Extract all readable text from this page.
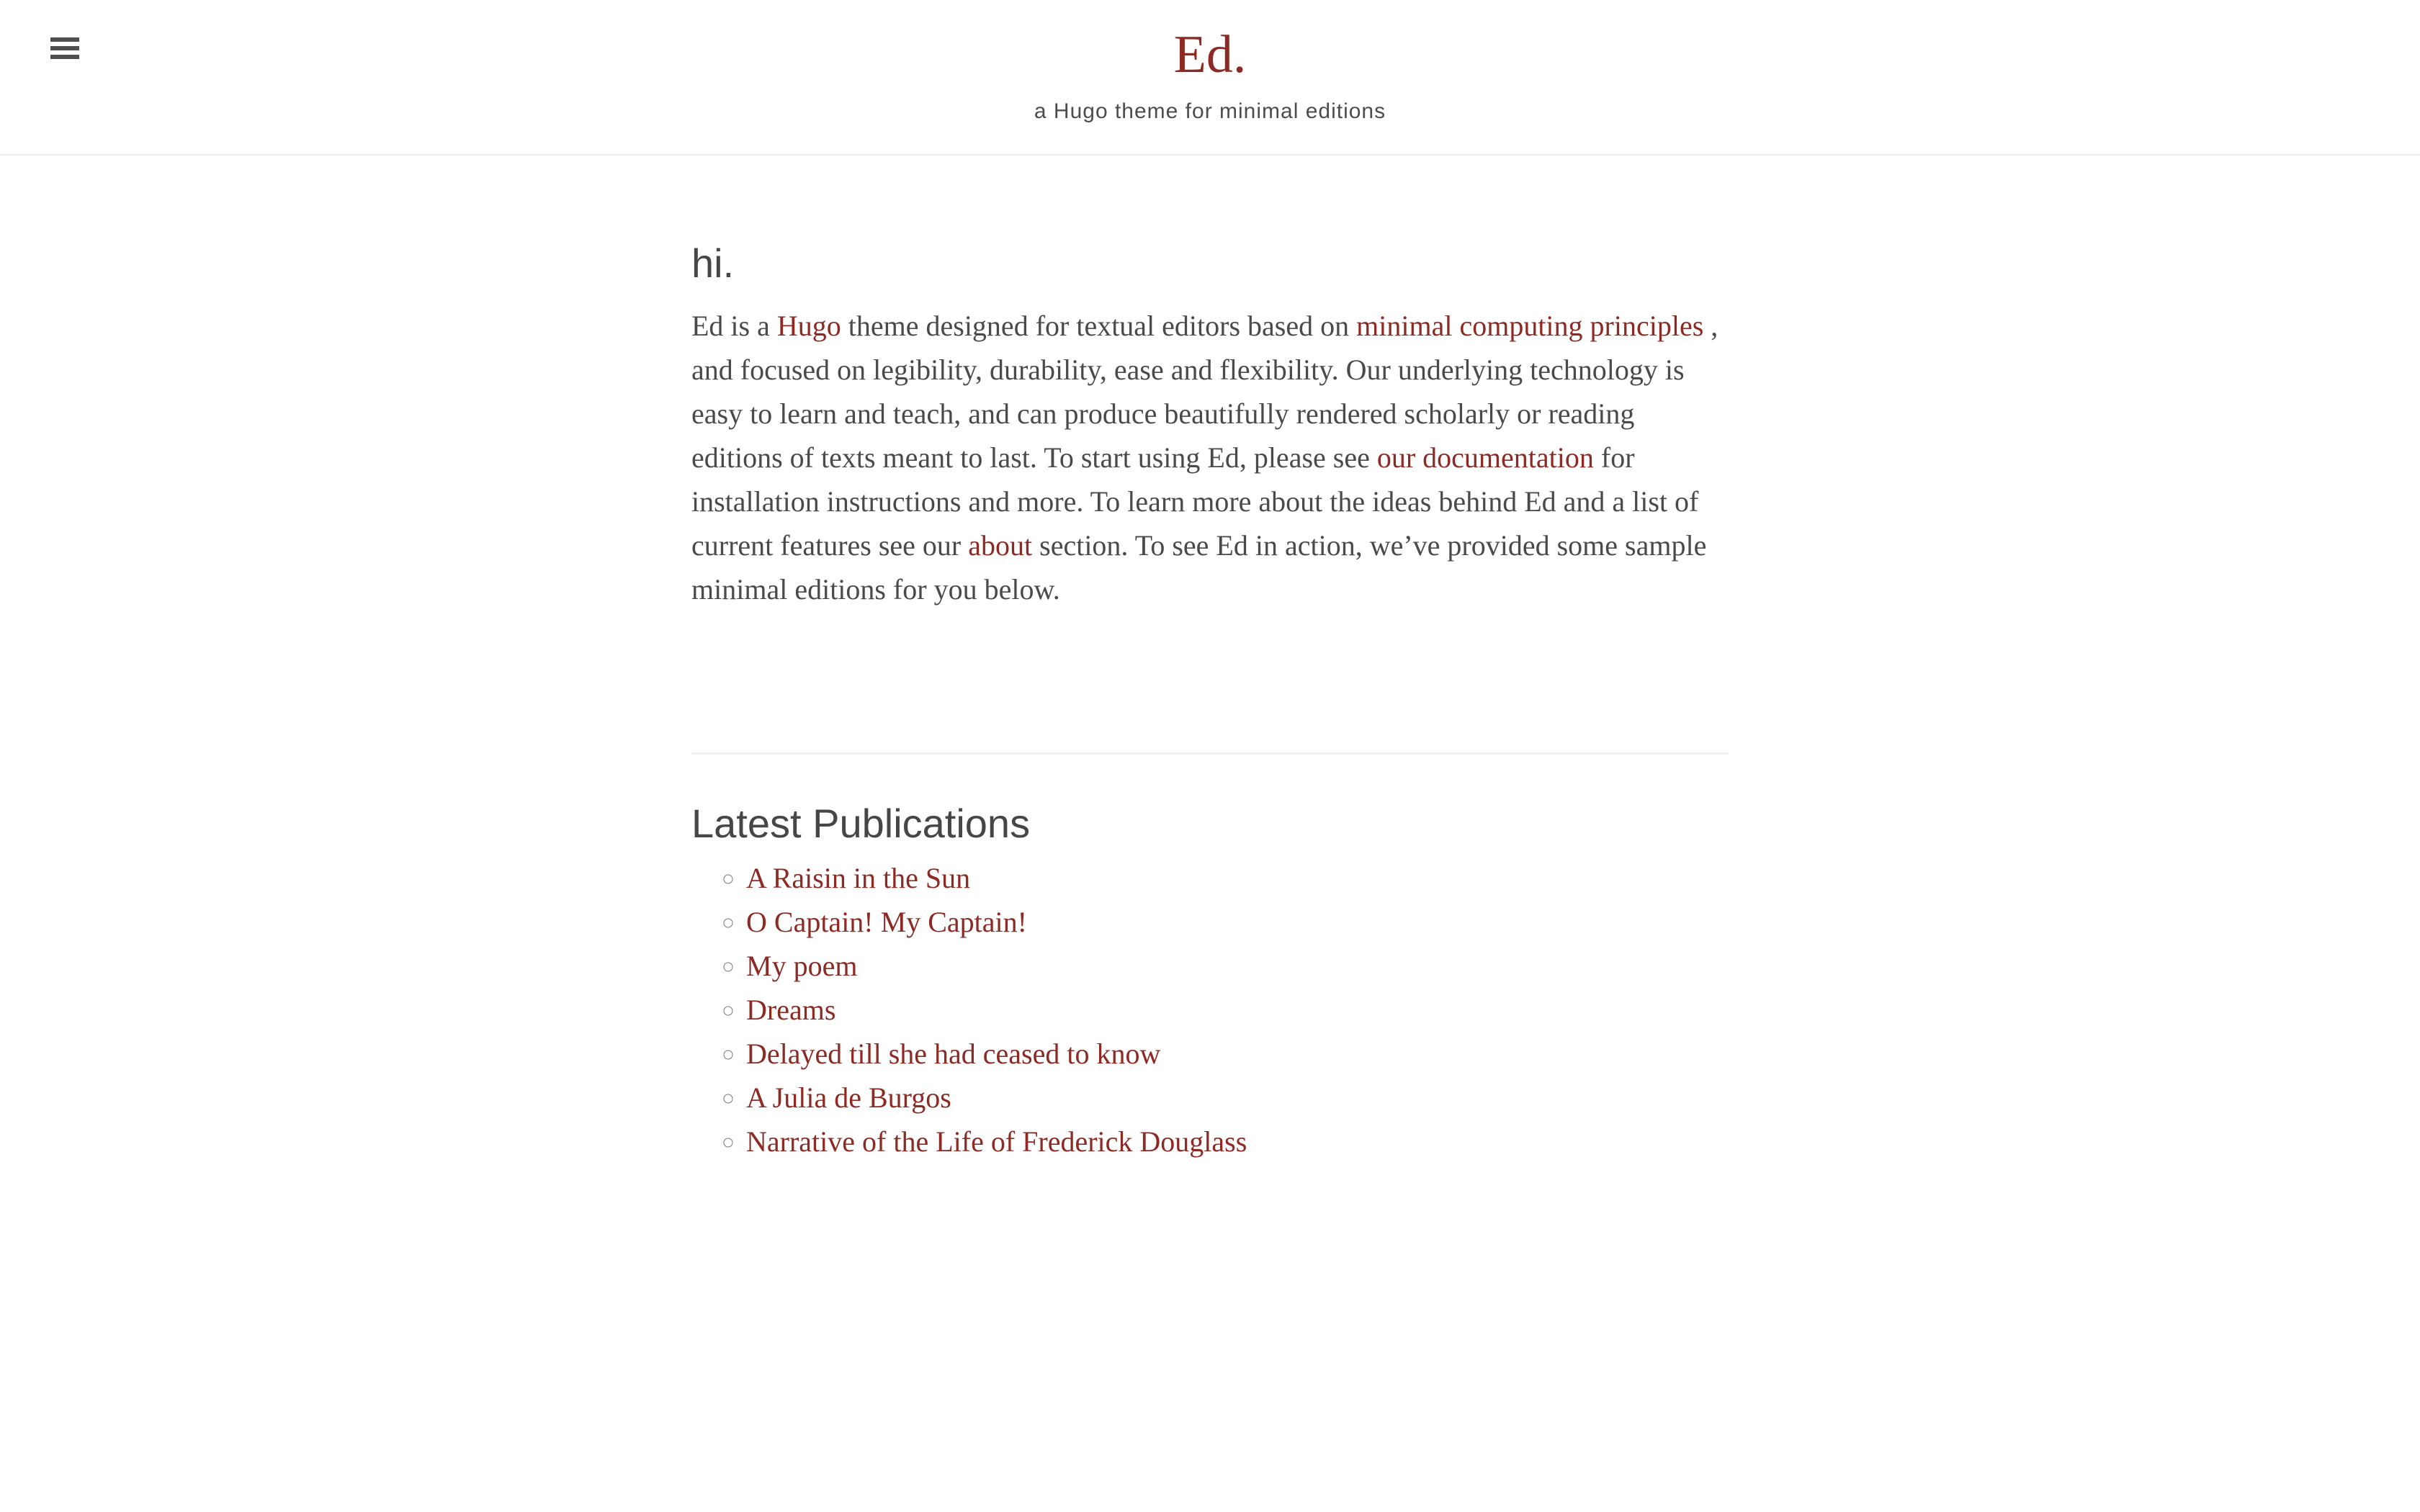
Ed.

a Hugo theme for minimal editions

hi.

Ed is a Hugo theme designed for textual editors based on minimal computing principles , and focused on legibility, durability, ease and flexibility. Our underlying technology is easy to learn and teach, and can produce beautifully rendered scholarly or reading editions of texts meant to last. To start using Ed, please see our documentation for installation instructions and more. To learn more about the ideas behind Ed and a list of current features see our about section. To see Ed in action, we’ve provided some sample minimal editions for you below.

Latest Publications
◦ A Raisin in the Sun
◦ O Captain! My Captain!
◦ My poem
◦ Dreams
◦ Delayed till she had ceased to know
◦ A Julia de Burgos
◦ Narrative of the Life of Frederick Douglass
